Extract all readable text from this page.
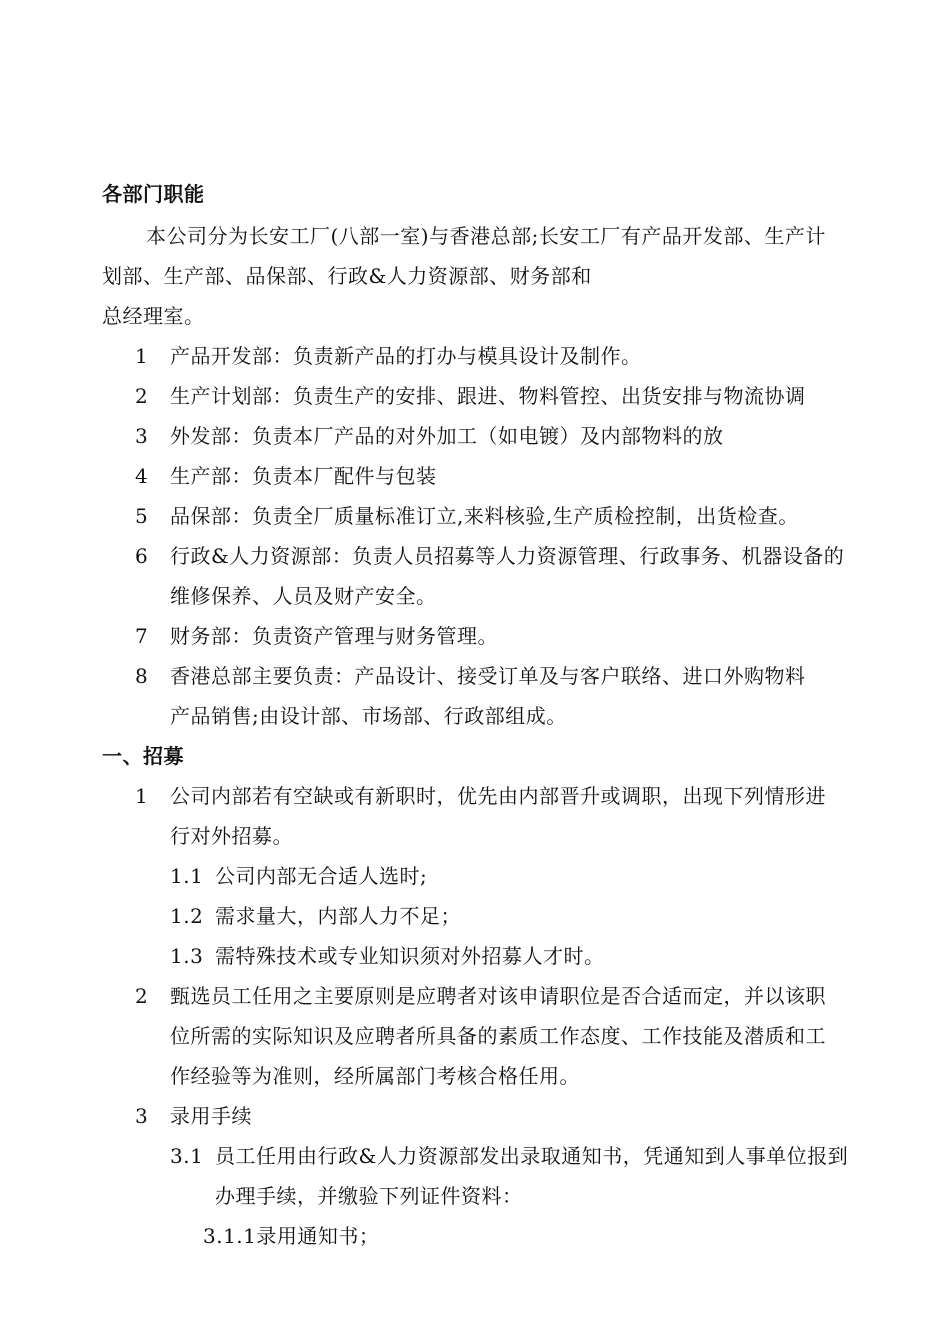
各部门职能
本公司分为长安工厂(八部一室)与香港总部;长安工厂有产品开发部、生产计
划部、生产部、品保部、行政&人力资源部、财务部和
总经理室。
1 产品开发部：负责新产品的打办与模具设计及制作。
2 生产计划部：负责生产的安排、跟进、物料管控、出货安排与物流协调
3 外发部：负责本厂产品的对外加工（如电镀）及内部物料的放
4 生产部：负责本厂配件与包装
5 品保部：负责全厂质量标准订立,来料核验,生产质检控制，出货检查。
6 行政&人力资源部：负责人员招募等人力资源管理、行政事务、机器设备的
维修保养、人员及财产安全。
7 财务部：负责资产管理与财务管理。
8 香港总部主要负责：产品设计、接受订单及与客户联络、进口外购物料
产品销售;由设计部、市场部、行政部组成。
一、招募
1 公司内部若有空缺或有新职时，优先由内部晋升或调职，出现下列情形进
行对外招募。
1.1 公司内部无合适人选时;
1.2 需求量大，内部人力不足；
1.3 需特殊技术或专业知识须对外招募人才时。
2 甄选员工任用之主要原则是应聘者对该申请职位是否合适而定，并以该职
位所需的实际知识及应聘者所具备的素质工作态度、工作技能及潜质和工
作经验等为准则，经所属部门考核合格任用。
3 录用手续
3.1 员工任用由行政&人力资源部发出录取通知书，凭通知到人事单位报到
办理手续，并缴验下列证件资料：
3.1.1录用通知书；
